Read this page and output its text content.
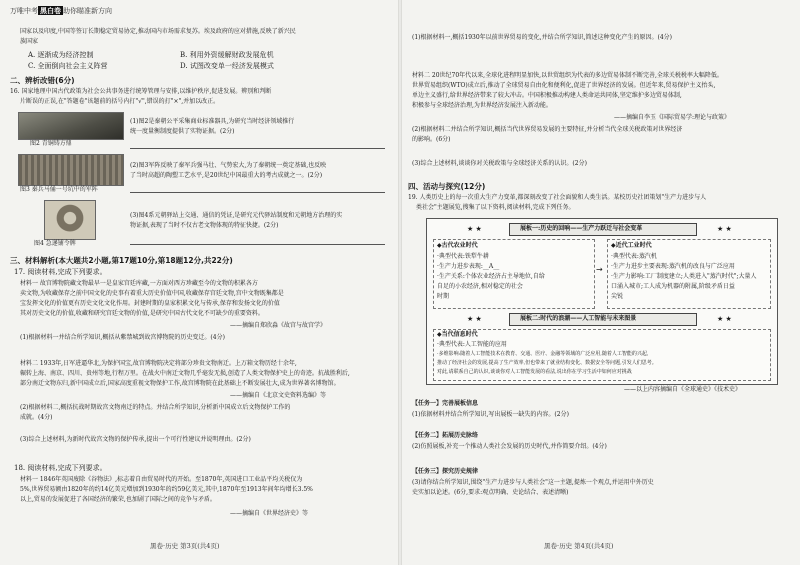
万唯中考 黑白卷 助你瞄准新方向
国家以及印度,中国等签订长期稳定贸易协定,推动国内市场需求复苏。埃及政府的应对措施,反映了新兴民
族国家
A. 逐渐成为经济控制	B. 利用外资缓解财政发展危机
C. 全面倒向社会主义阵营	D. 试图改变单一经济发展模式
二、辨析改错(6分)
16. 国家地理中国古代政策为社会公共事务进行统筹管理与安排,以维护秩序,促进发展。辨别和判断
片断误的正误,在"答题卷"该题前的括号内打"√",错误的打"×",并加以改正。
图2 青铜铸方鼎
(1)图2是秦朝公平采集商业标准器具,为研究当时经济领域推行
统一度量衡制度提供了实物证据。(2分)
图3 秦兵马俑一号坑中的军阵
(2)图3军阵反映了秦军兵强马壮、气势宏大,为了秦朝统一奠定基础,也反映
了当时高超的陶塑工艺水平,是20世纪中国最重大的考古成就之一。(2分)
图4 急递铺令牌
(3)图4系元朝驿站上交通、通信的凭证,是研究元代驿站制度和元朝地方治理的实
物证据,表现了当时不仅古老文物体现的特征快捷。(2分)
三、材料解析(本大题共2小题,第17题10分,第18题12分,共22分)
17. 阅读材料,完成下列要求。
材料一 故宫博物院藏文物最早一是皇家宫廷库藏,一方面对西方珍藏至今的文物的积累各方
卖文物,为收藏保存之前中国文化的史事有着重大历史价值中国,收藏保存宫廷文物,宫中文物既集都是
宝发挥文化的价值更有历史文化文化作用。封建时期的皇家积累文化与传承,保存和发扬文化的价值
其对历史文化的价值,收藏和研究宫廷文物的价值,是研究中国古代文化不可缺少的重要资料。
——摘编自郑欣淼《故宫与故宫学》
(1)根据材料一并结合所学知识,概括从紫禁城到故宫博物院的历史变迁。(4分)
材料二 1933年,日军进逼华北,为保护国宝,故宫博物院决定将部分珍贵文物南迁。上万箱文物历经十余年,
辗转上海、南京、四川、贵州等地,行程万里。在战火中南迁文物几乎毫发无损,创造了人类文物保护史上的奇迹。抗战胜利后,
部分南迁文物东归,新中国成立后,国家高度重视文物保护工作,故宫博物院在此基础上不断发展壮大,成为世界著名博物馆。
——摘编自《北京文史资料选编》等
(2)根据材料二,概括抗战时期故宫文物南迁的特点。并结合所学知识,分析新中国成立后文物保护工作的
成就。(4分)
(3)综合上述材料,为新时代故宫文物的保护传承,提出一个可行性建议并说明理由。(2分)
18. 阅读材料,完成下列要求。
材料一 1846年英国废除《谷物法》,标志着自由贸易时代的开始。至1870年,英国进口工业品平均关税仅为
5%,世界贸易额由1820年的约14亿美元增加到1930年的约59亿美元,其中,1870年至1913年间年均增长3.5%
以上,贸易的发展促进了各国经济的繁荣,也加剧了国际之间的竞争与矛盾。
——摘编自《世界经济史》等
黑卷·历史 第3页(共4页)
(1)根据材料一,概括1930年以前世界贸易的变化,并结合所学知识,简述这种变化产生的原因。(4分)
材料二 20世纪70年代以来,全球化进程明显加快,以世贸组织为代表的多边贸易体制不断完善,全球关税税率大幅降低。
世界贸易组织(WTO)成立后,推动了全球贸易自由化和便利化,促进了世界经济的发展。但近年来,贸易保护主义抬头,
单边主义盛行,给世界经济带来了较大冲击。中国积极推动构建人类命运共同体,坚定维护多边贸易体制,
积极参与全球经济治理,为世界经济发展注入新动能。
——摘编自李玉《国际贸易学:理论与政策》
(2)根据材料二并结合所学知识,概括当代世界贸易发展的主要特征,并分析当代全球关税政策对世界经济
的影响。(6分)
(3)综合上述材料,谈谈你对关税政策与全球经济关系的认识。(2分)
四、活动与探究(12分)
19. 人类历史上的每一次重大生产力变革,都深刻改变了社会面貌和人类生活。某校历史社团策划"生产力进步与人
类社会"主题展览,搜集了以下资料,阅读材料,完成下列任务。
★ ★	展板一:历史的回响——生产力跃迁与社会变革	★ ★
◆古代农业时代
·典型代表:铁犁牛耕
·生产力进步表现:__A__
·生产关系:个体农业经济占主导地位,自给
自足的小农经济,相对稳定的社会
时期
→
◆近代工业时代
·典型代表:蒸汽机
·生产力进步主要表现:蒸汽机的改良与广泛应用
·生产力影响:工厂制度建立;人类进入"蒸汽时代";大量人
口涌入城市;工人成为机器的附属,阶级矛盾日益
尖锐
★ ★	展板二:时代的浪潮——人工智能与未来图景	★ ★
◆当代信息时代
·典型代表:人工智能的应用
·多维影响:随着人工智能技术在教育、交通、医疗、金融等领域的广泛应用,随着人工智能的兴起,
推动了经济社会的发展,提高了生产效率,但也带来了就业结构变化、数据安全等问题,引发人们思考。
对此,请联系自己的认识,谈谈你对人工智能发展的看法,说出你在学习生活中如何应对挑战
——以上内容摘编自《全球通史》《技术史》
【任务一】完善展板信息
(1)依据材料并结合所学知识,写出展板一缺失的内容。(2分)
【任务二】拓展历史脉络
(2)仿照展板,补充一个推动人类社会发展的历史时代,并作简要介绍。(4分)
【任务三】探究历史规律
(3)请你结合所学知识,围绕"生产力进步与人类社会"这一主题,提炼一个观点,并运用中外历史
史实加以论述。(6分,要求:观点明确、史论结合、表述清晰)
黑卷·历史 第4页(共4页)
